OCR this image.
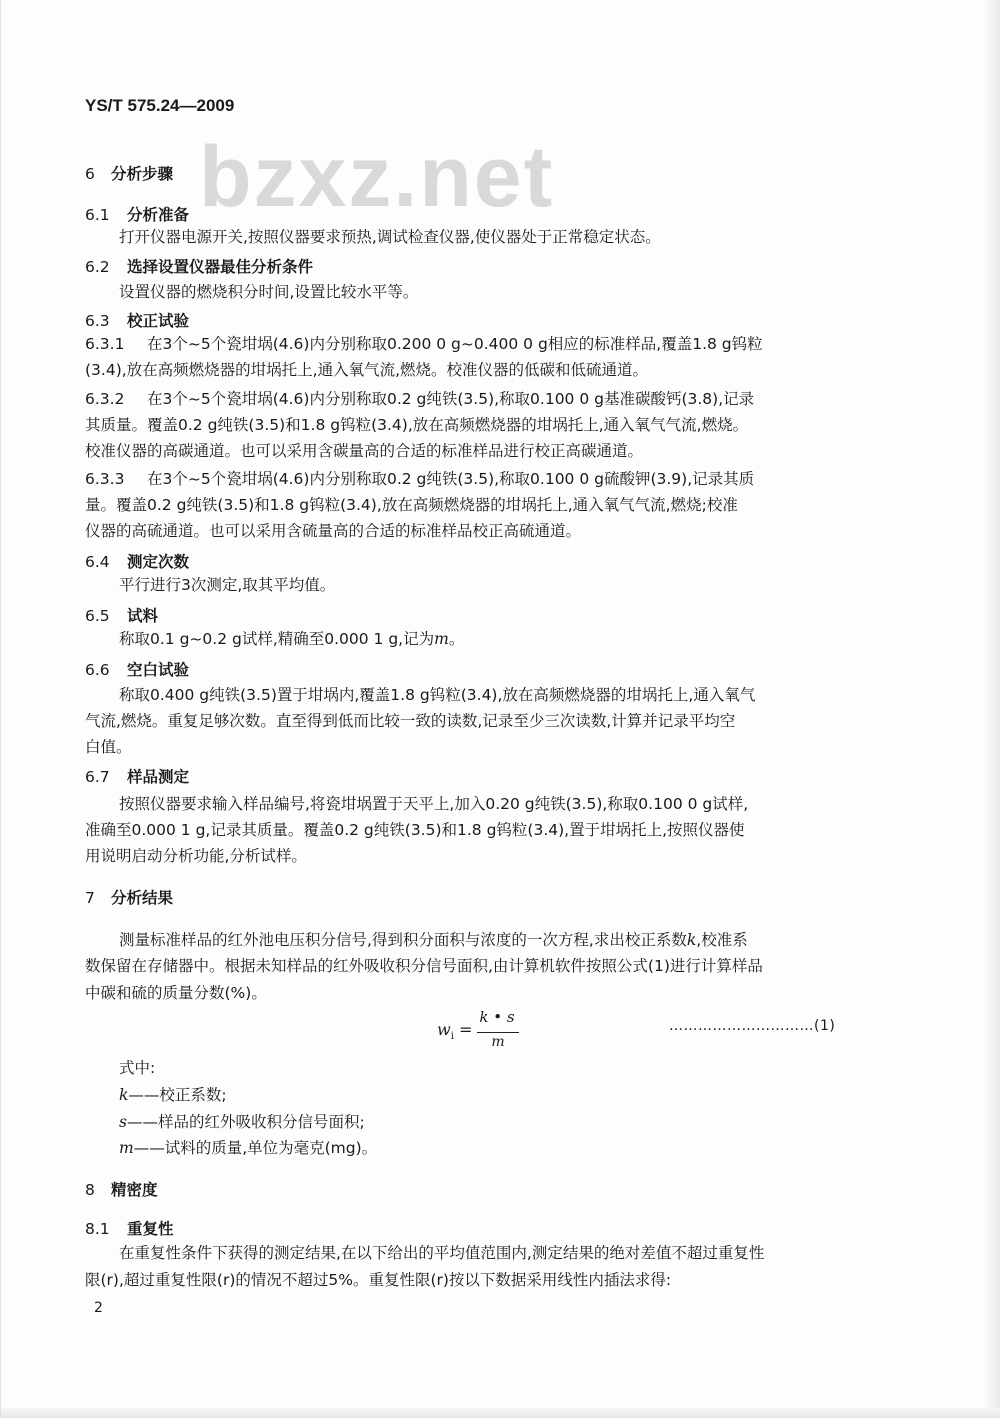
YS/T 575.24—2009
bzxz.net
6 分析步骤
6.1 分析准备
打开仪器电源开关,按照仪器要求预热,调试检查仪器,使仪器处于正常稳定状态。
6.2 选择设置仪器最佳分析条件
设置仪器的燃烧积分时间,设置比较水平等。
6.3 校正试验
6.3.1 在3个~5个瓷坩埚(4.6)内分别称取0.200 0 g~0.400 0 g相应的标准样品,覆盖1.8 g钨粒
(3.4),放在高频燃烧器的坩埚托上,通入氧气流,燃烧。校准仪器的低碳和低硫通道。
6.3.2 在3个~5个瓷坩埚(4.6)内分别称取0.2 g纯铁(3.5),称取0.100 0 g基准碳酸钙(3.8),记录
其质量。覆盖0.2 g纯铁(3.5)和1.8 g钨粒(3.4),放在高频燃烧器的坩埚托上,通入氧气气流,燃烧。
校准仪器的高碳通道。也可以采用含碳量高的合适的标准样品进行校正高碳通道。
6.3.3 在3个~5个瓷坩埚(4.6)内分别称取0.2 g纯铁(3.5),称取0.100 0 g硫酸钾(3.9),记录其质
量。覆盖0.2 g纯铁(3.5)和1.8 g钨粒(3.4),放在高频燃烧器的坩埚托上,通入氧气气流,燃烧;校准
仪器的高硫通道。也可以采用含硫量高的合适的标准样品校正高硫通道。
6.4 测定次数
平行进行3次测定,取其平均值。
6.5 试料
称取0.1 g~0.2 g试样,精确至0.000 1 g,记为m。
6.6 空白试验
称取0.400 g纯铁(3.5)置于坩埚内,覆盖1.8 g钨粒(3.4),放在高频燃烧器的坩埚托上,通入氧气
气流,燃烧。重复足够次数。直至得到低而比较一致的读数,记录至少三次读数,计算并记录平均空
白值。
6.7 样品测定
按照仪器要求输入样品编号,将瓷坩埚置于天平上,加入0.20 g纯铁(3.5),称取0.100 0 g试样,
准确至0.000 1 g,记录其质量。覆盖0.2 g纯铁(3.5)和1.8 g钨粒(3.4),置于坩埚托上,按照仪器使
用说明启动分析功能,分析试样。
7 分析结果
测量标准样品的红外池电压积分信号,得到积分面积与浓度的一次方程,求出校正系数k,校准系
数保留在存储器中。根据未知样品的红外吸收积分信号面积,由计算机软件按照公式(1)进行计算样品
中碳和硫的质量分数(%)。
$w_i$ =
k • s
m
…………………………(1)
式中:
k——校正系数;
s——样品的红外吸收积分信号面积;
m——试料的质量,单位为毫克(mg)。
8 精密度
8.1 重复性
在重复性条件下获得的测定结果,在以下给出的平均值范围内,测定结果的绝对差值不超过重复性
限(r),超过重复性限(r)的情况不超过5%。重复性限(r)按以下数据采用线性内插法求得:
2
